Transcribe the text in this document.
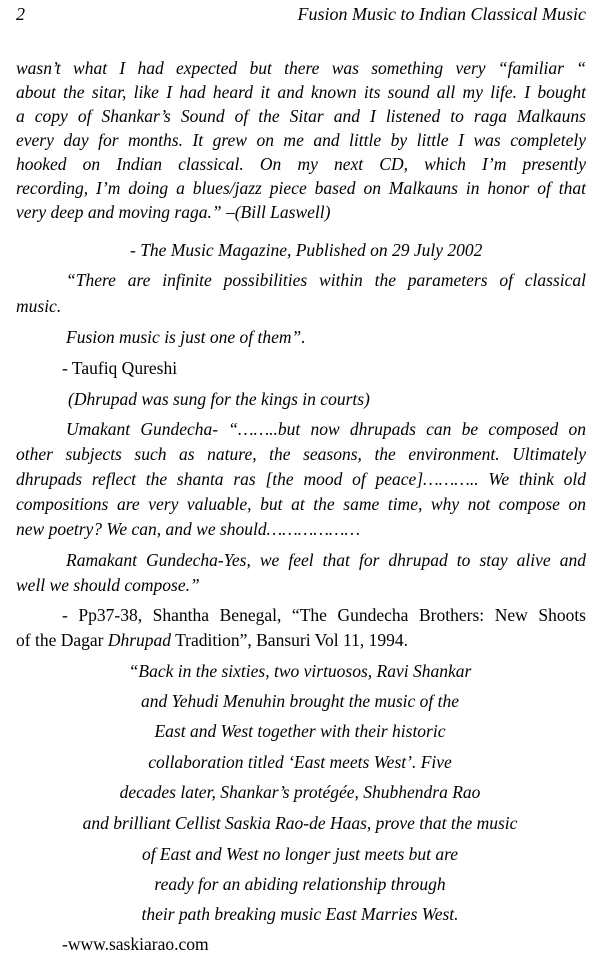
2	Fusion Music to Indian Classical Music
wasn’t what I had expected but there was something very “familiar “
about the sitar, like I had heard it and known its sound all my life. I bought
a copy of Shankar’s Sound of the Sitar and I listened to raga Malkauns
every day for months. It grew on me and little by little I was completely
hooked on Indian classical. On my next CD, which I’m presently
recording, I’m doing a blues/jazz piece based on Malkauns in honor of that
very deep and moving raga.” –(Bill Laswell)
- The Music Magazine, Published on 29 July 2002
“There are infinite possibilities within the parameters of classical
music.
Fusion music is just one of them”.
- Taufiq Qureshi
(Dhrupad was sung for the kings in courts)
Umakant Gundecha- “……..but now dhrupads can be composed on
other subjects such as nature, the seasons, the environment. Ultimately
dhrupads reflect the shanta ras [the mood of peace]……….. We think old
compositions are very valuable, but at the same time, why not compose on
new poetry? We can, and we should………………
Ramakant Gundecha-Yes, we feel that for dhrupad to stay alive and
well we should compose.”
- Pp37-38, Shantha Benegal, “The Gundecha Brothers: New Shoots
of the Dagar Dhrupad Tradition”, Bansuri Vol 11, 1994.
“Back in the sixties, two virtuosos, Ravi Shankar
and Yehudi Menuhin brought the music of the
East and West together with their historic
collaboration titled ‘East meets West’. Five
decades later, Shankar’s protégée, Shubhendra Rao
and brilliant Cellist Saskia Rao-de Haas, prove that the music
of East and West no longer just meets but are
ready for an abiding relationship through
their path breaking music East Marries West.
-www.saskiarao.com
